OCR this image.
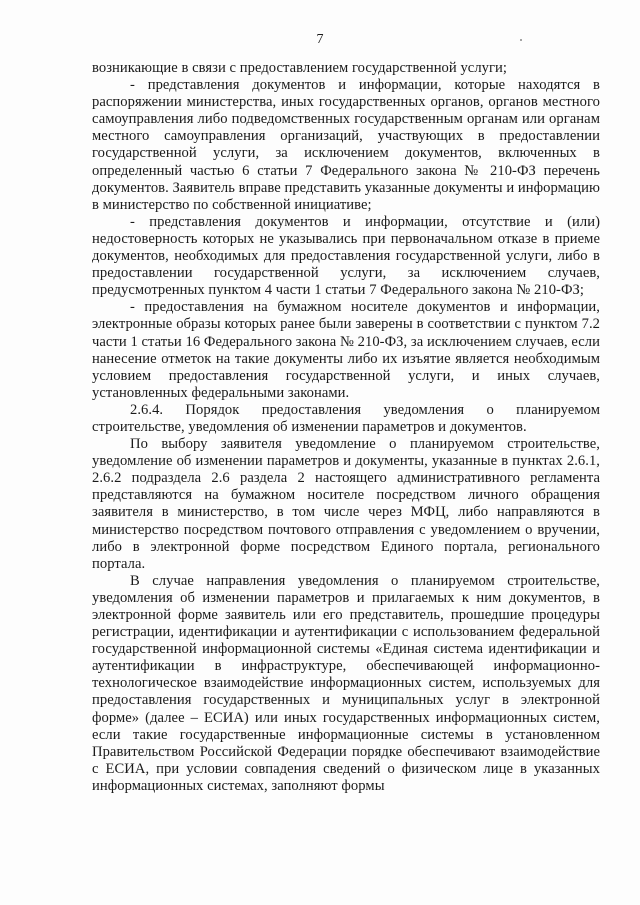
7

возникающие в связи с предоставлением государственной услуги;

- представления документов и информации, которые находятся в распоряжении министерства, иных государственных органов, органов местного самоуправления либо подведомственных государственным органам или органам местного самоуправления организаций, участвующих в предоставлении государственной услуги, за исключением документов, включенных в определенный частью 6 статьи 7 Федерального закона № 210-ФЗ перечень документов. Заявитель вправе представить указанные документы и информацию в министерство по собственной инициативе;

- представления документов и информации, отсутствие и (или) недостоверность которых не указывались при первоначальном отказе в приеме документов, необходимых для предоставления государственной услуги, либо в предоставлении государственной услуги, за исключением случаев, предусмотренных пунктом 4 части 1 статьи 7 Федерального закона № 210-ФЗ;

- предоставления на бумажном носителе документов и информации, электронные образы которых ранее были заверены в соответствии с пунктом 7.2 части 1 статьи 16 Федерального закона № 210-ФЗ, за исключением случаев, если нанесение отметок на такие документы либо их изъятие является необходимым условием предоставления государственной услуги, и иных случаев, установленных федеральными законами.

2.6.4. Порядок предоставления уведомления о планируемом строительстве, уведомления об изменении параметров и документов.

По выбору заявителя уведомление о планируемом строительстве, уведомление об изменении параметров и документы, указанные в пунктах 2.6.1, 2.6.2 подраздела 2.6 раздела 2 настоящего административного регламента представляются на бумажном носителе посредством личного обращения заявителя в министерство, в том числе через МФЦ, либо направляются в министерство посредством почтового отправления с уведомлением о вручении, либо в электронной форме посредством Единого портала, регионального портала.

В случае направления уведомления о планируемом строительстве, уведомления об изменении параметров и прилагаемых к ним документов, в электронной форме заявитель или его представитель, прошедшие процедуры регистрации, идентификации и аутентификации с использованием федеральной государственной информационной системы «Единая система идентификации и аутентификации в инфраструктуре, обеспечивающей информационно-технологическое взаимодействие информационных систем, используемых для предоставления государственных и муниципальных услуг в электронной форме» (далее – ЕСИА) или иных государственных информационных систем, если такие государственные информационные системы в установленном Правительством Российской Федерации порядке обеспечивают взаимодействие с ЕСИА, при условии совпадения сведений о физическом лице в указанных информационных системах, заполняют формы
